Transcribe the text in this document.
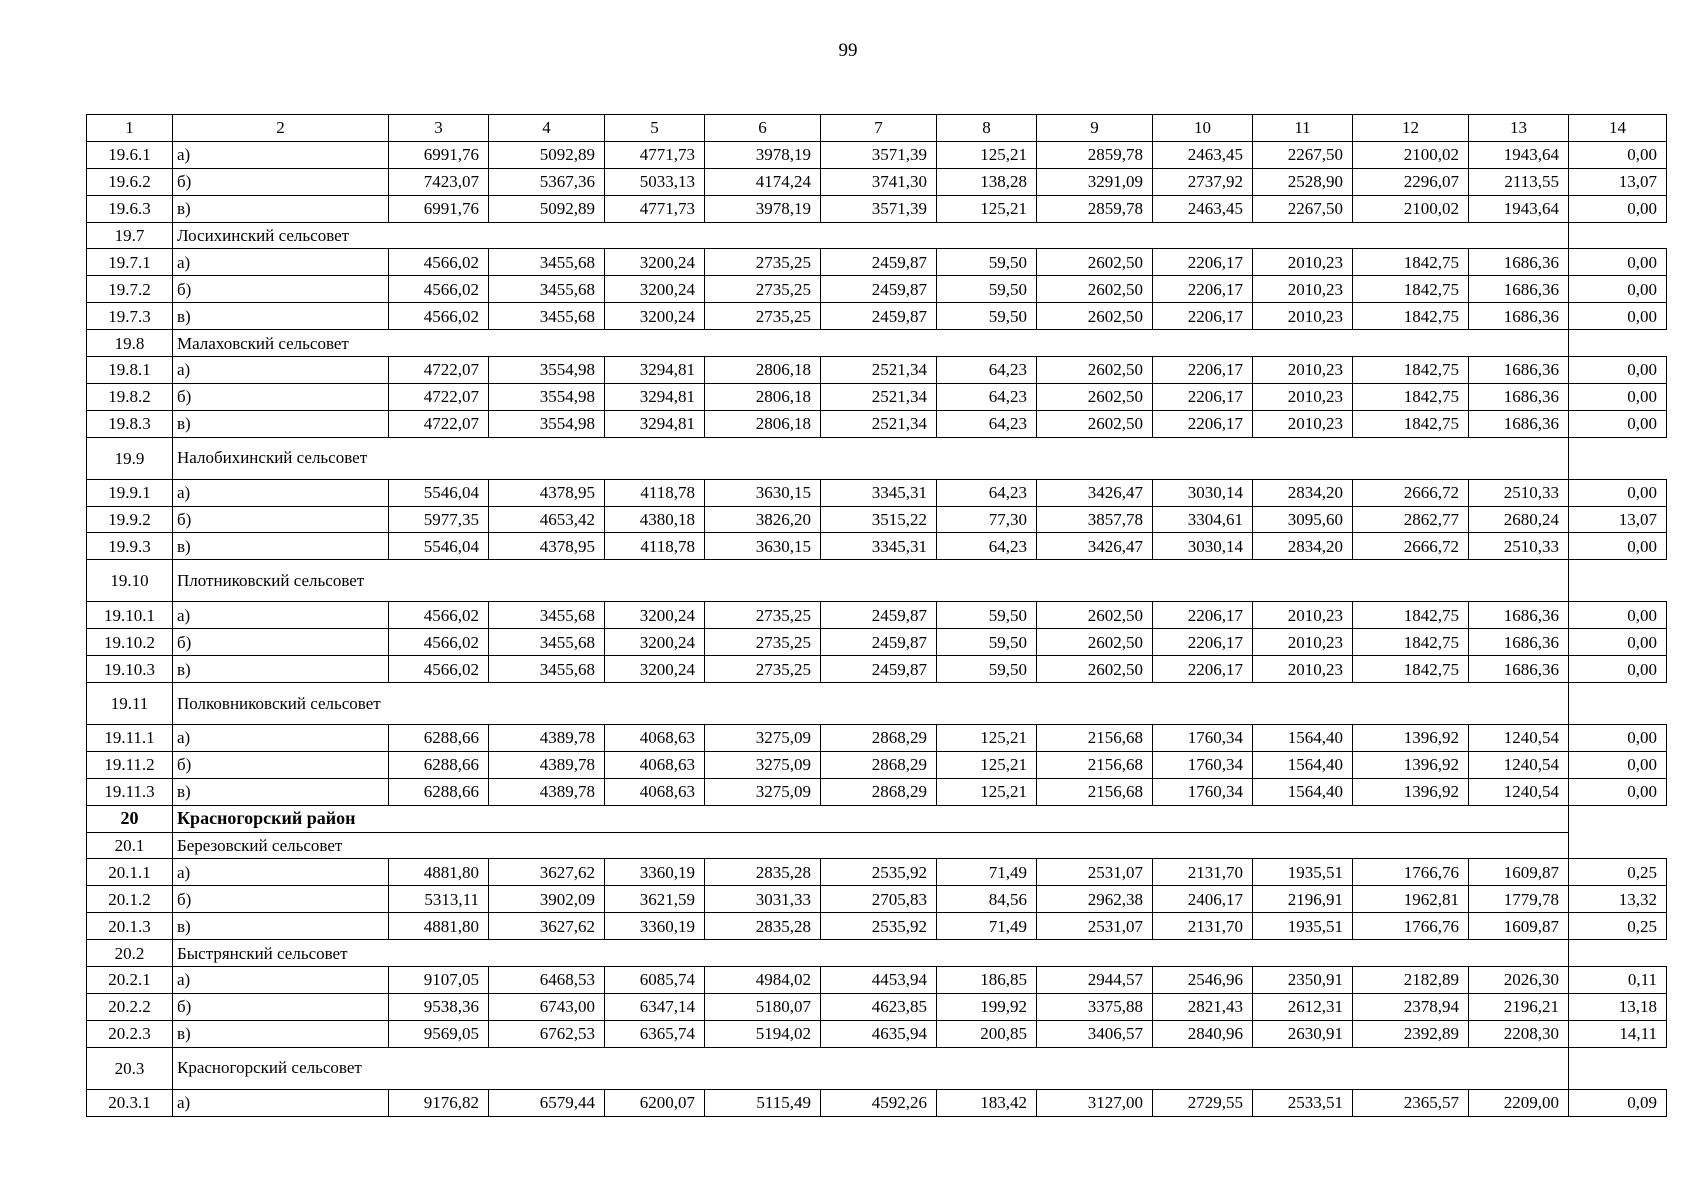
99
1	2	3	4	5	6	7	8	9	10	11	12	13	14
19.6.1	а)	6991,76	5092,89	4771,73	3978,19	3571,39	125,21	2859,78	2463,45	2267,50	2100,02	1943,64	0,00
19.6.2	б)	7423,07	5367,36	5033,13	4174,24	3741,30	138,28	3291,09	2737,92	2528,90	2296,07	2113,55	13,07
19.6.3	в)	6991,76	5092,89	4771,73	3978,19	3571,39	125,21	2859,78	2463,45	2267,50	2100,02	1943,64	0,00
19.7	Лосихинский сельсовет												
19.7.1	а)	4566,02	3455,68	3200,24	2735,25	2459,87	59,50	2602,50	2206,17	2010,23	1842,75	1686,36	0,00
19.7.2	б)	4566,02	3455,68	3200,24	2735,25	2459,87	59,50	2602,50	2206,17	2010,23	1842,75	1686,36	0,00
19.7.3	в)	4566,02	3455,68	3200,24	2735,25	2459,87	59,50	2602,50	2206,17	2010,23	1842,75	1686,36	0,00
19.8	Малаховский сельсовет												
19.8.1	а)	4722,07	3554,98	3294,81	2806,18	2521,34	64,23	2602,50	2206,17	2010,23	1842,75	1686,36	0,00
19.8.2	б)	4722,07	3554,98	3294,81	2806,18	2521,34	64,23	2602,50	2206,17	2010,23	1842,75	1686,36	0,00
19.8.3	в)	4722,07	3554,98	3294,81	2806,18	2521,34	64,23	2602,50	2206,17	2010,23	1842,75	1686,36	0,00
19.9	Налобихинский сельсовет												
19.9.1	а)	5546,04	4378,95	4118,78	3630,15	3345,31	64,23	3426,47	3030,14	2834,20	2666,72	2510,33	0,00
19.9.2	б)	5977,35	4653,42	4380,18	3826,20	3515,22	77,30	3857,78	3304,61	3095,60	2862,77	2680,24	13,07
19.9.3	в)	5546,04	4378,95	4118,78	3630,15	3345,31	64,23	3426,47	3030,14	2834,20	2666,72	2510,33	0,00
19.10	Плотниковский сельсовет												
19.10.1	а)	4566,02	3455,68	3200,24	2735,25	2459,87	59,50	2602,50	2206,17	2010,23	1842,75	1686,36	0,00
19.10.2	б)	4566,02	3455,68	3200,24	2735,25	2459,87	59,50	2602,50	2206,17	2010,23	1842,75	1686,36	0,00
19.10.3	в)	4566,02	3455,68	3200,24	2735,25	2459,87	59,50	2602,50	2206,17	2010,23	1842,75	1686,36	0,00
19.11	Полковниковский сельсовет												
19.11.1	а)	6288,66	4389,78	4068,63	3275,09	2868,29	125,21	2156,68	1760,34	1564,40	1396,92	1240,54	0,00
19.11.2	б)	6288,66	4389,78	4068,63	3275,09	2868,29	125,21	2156,68	1760,34	1564,40	1396,92	1240,54	0,00
19.11.3	в)	6288,66	4389,78	4068,63	3275,09	2868,29	125,21	2156,68	1760,34	1564,40	1396,92	1240,54	0,00
20	Красногорский район												
20.1	Березовский сельсовет												
20.1.1	а)	4881,80	3627,62	3360,19	2835,28	2535,92	71,49	2531,07	2131,70	1935,51	1766,76	1609,87	0,25
20.1.2	б)	5313,11	3902,09	3621,59	3031,33	2705,83	84,56	2962,38	2406,17	2196,91	1962,81	1779,78	13,32
20.1.3	в)	4881,80	3627,62	3360,19	2835,28	2535,92	71,49	2531,07	2131,70	1935,51	1766,76	1609,87	0,25
20.2	Быстрянский сельсовет												
20.2.1	а)	9107,05	6468,53	6085,74	4984,02	4453,94	186,85	2944,57	2546,96	2350,91	2182,89	2026,30	0,11
20.2.2	б)	9538,36	6743,00	6347,14	5180,07	4623,85	199,92	3375,88	2821,43	2612,31	2378,94	2196,21	13,18
20.2.3	в)	9569,05	6762,53	6365,74	5194,02	4635,94	200,85	3406,57	2840,96	2630,91	2392,89	2208,30	14,11
20.3	Красногорский сельсовет												
20.3.1	а)	9176,82	6579,44	6200,07	5115,49	4592,26	183,42	3127,00	2729,55	2533,51	2365,57	2209,00	0,09
